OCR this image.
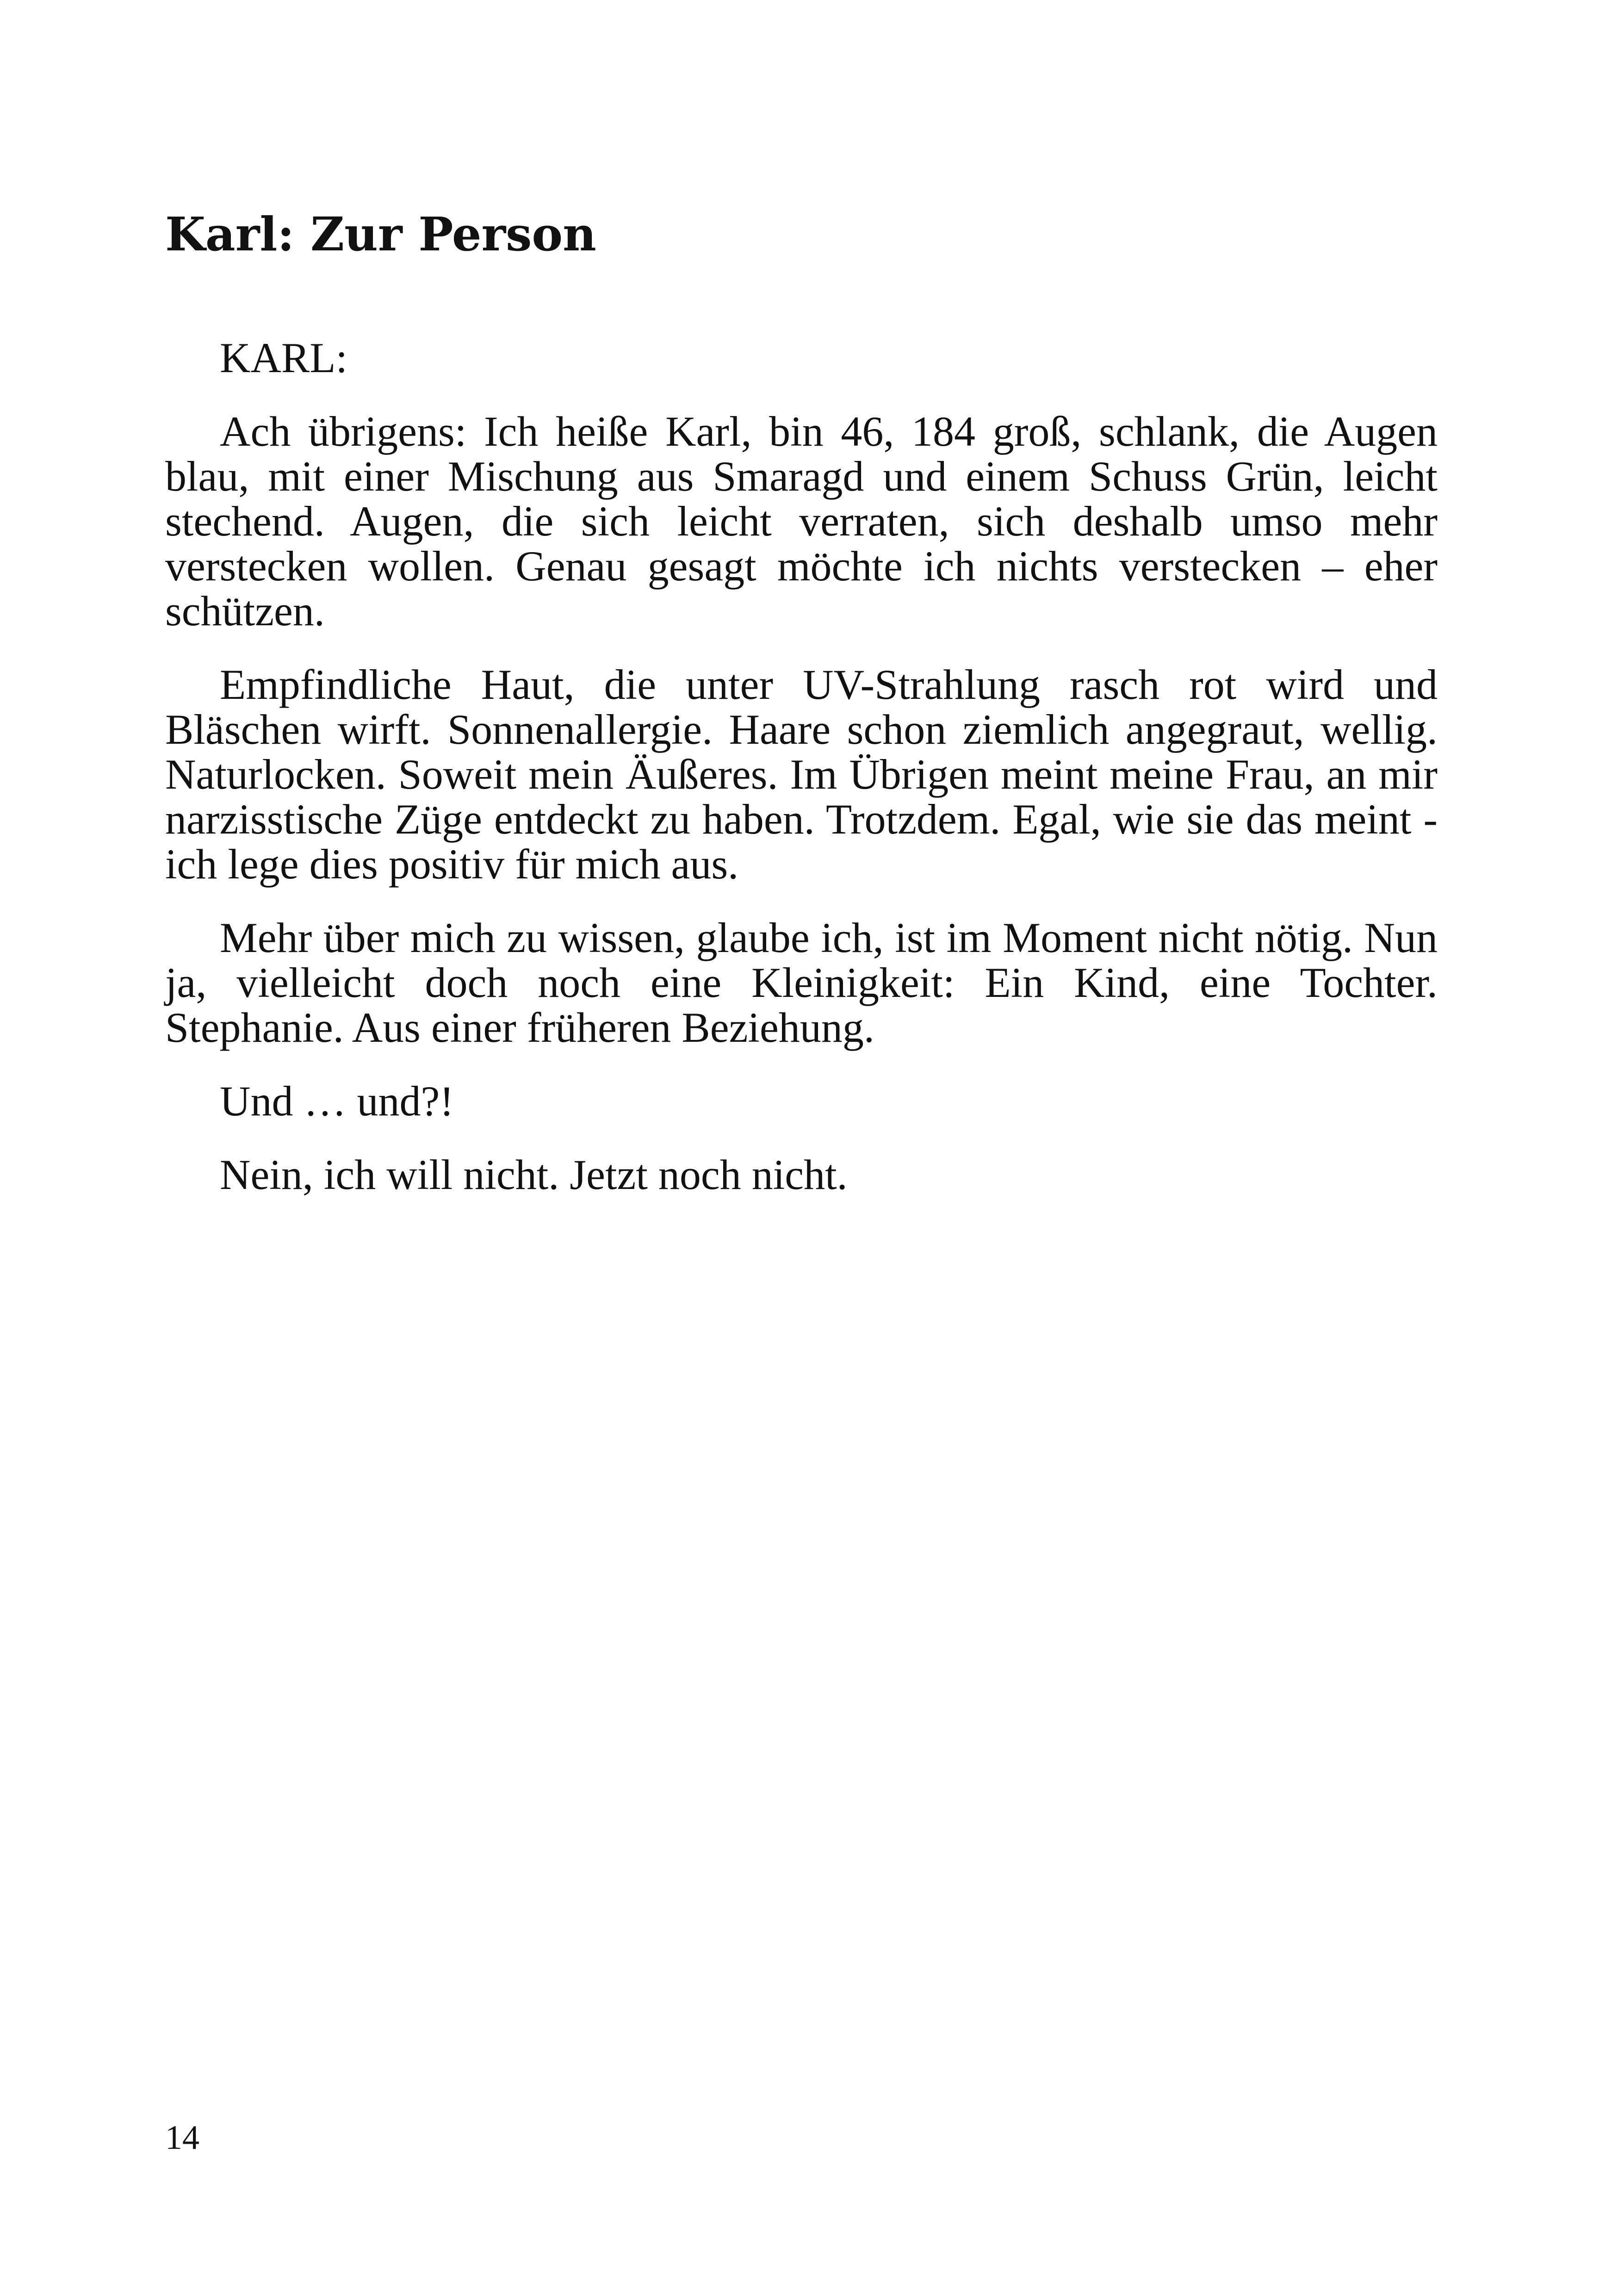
Karl: Zur Person

KARL:

Ach übrigens: Ich heiße Karl, bin 46, 184 groß, schlank, die Augen blau, mit einer Mischung aus Smaragd und einem Schuss Grün, leicht stechend. Augen, die sich leicht verraten, sich deshalb umso mehr verstecken wollen. Genau gesagt möchte ich nichts verstecken – eher schützen.

Empfindliche Haut, die unter UV-Strahlung rasch rot wird und Bläschen wirft. Sonnenallergie. Haare schon ziemlich angegraut, wellig. Naturlocken. Soweit mein Äußeres. Im Übrigen meint meine Frau, an mir narzisstische Züge entdeckt zu haben. Trotzdem. Egal, wie sie das meint - ich lege dies positiv für mich aus.

Mehr über mich zu wissen, glaube ich, ist im Moment nicht nötig. Nun ja, vielleicht doch noch eine Kleinigkeit: Ein Kind, eine Tochter. Stephanie. Aus einer früheren Beziehung.

Und … und?!

Nein, ich will nicht. Jetzt noch nicht.

14
